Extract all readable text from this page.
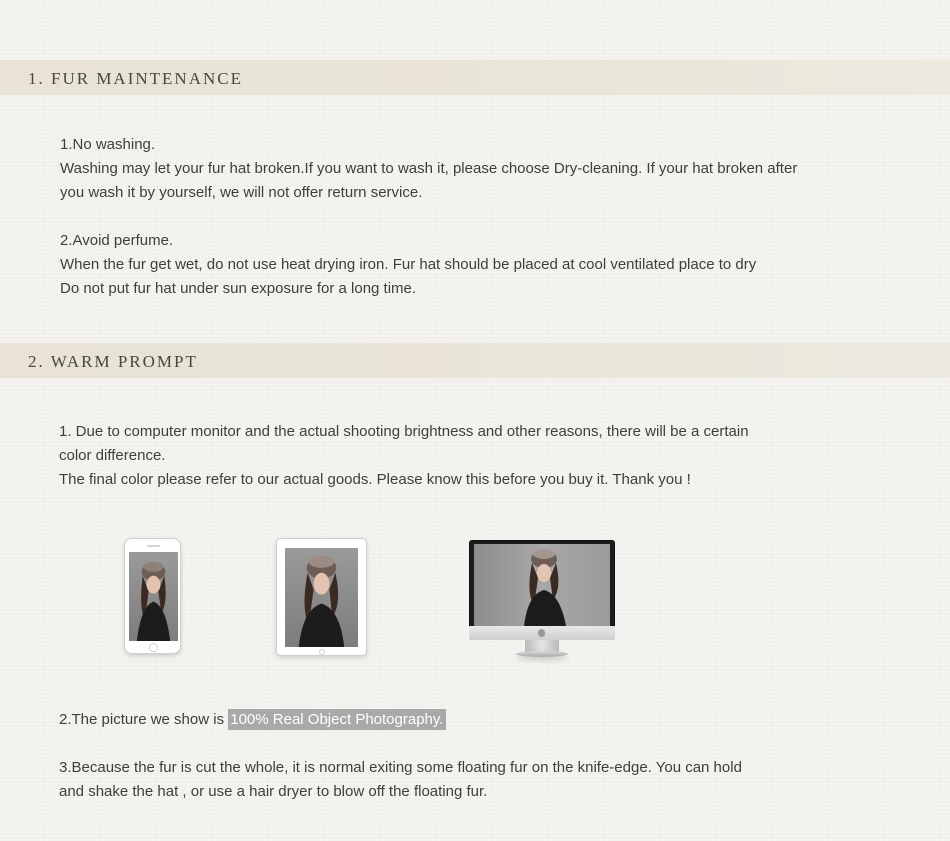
1. FUR MAINTENANCE
1.No washing.
Washing may let your fur hat broken.If you want to wash it, please choose Dry-cleaning. If your hat broken after
you wash it by yourself, we will not offer return service.
2.Avoid perfume.
When the fur get wet, do not use heat drying iron. Fur hat should be placed at cool ventilated place to dry
Do not put fur hat under sun exposure for a long time.
2. WARM PROMPT
1. Due to computer monitor and the actual shooting brightness and other reasons, there will be a certain
color difference.
The final color please refer to our actual goods. Please know this before you buy it. Thank you !
2.The picture we show is 100% Real Object Photography.
3.Because the fur is cut the whole, it is normal exiting some floating fur on the knife-edge. You can hold
and shake the hat , or use a hair dryer to blow off the floating fur.
